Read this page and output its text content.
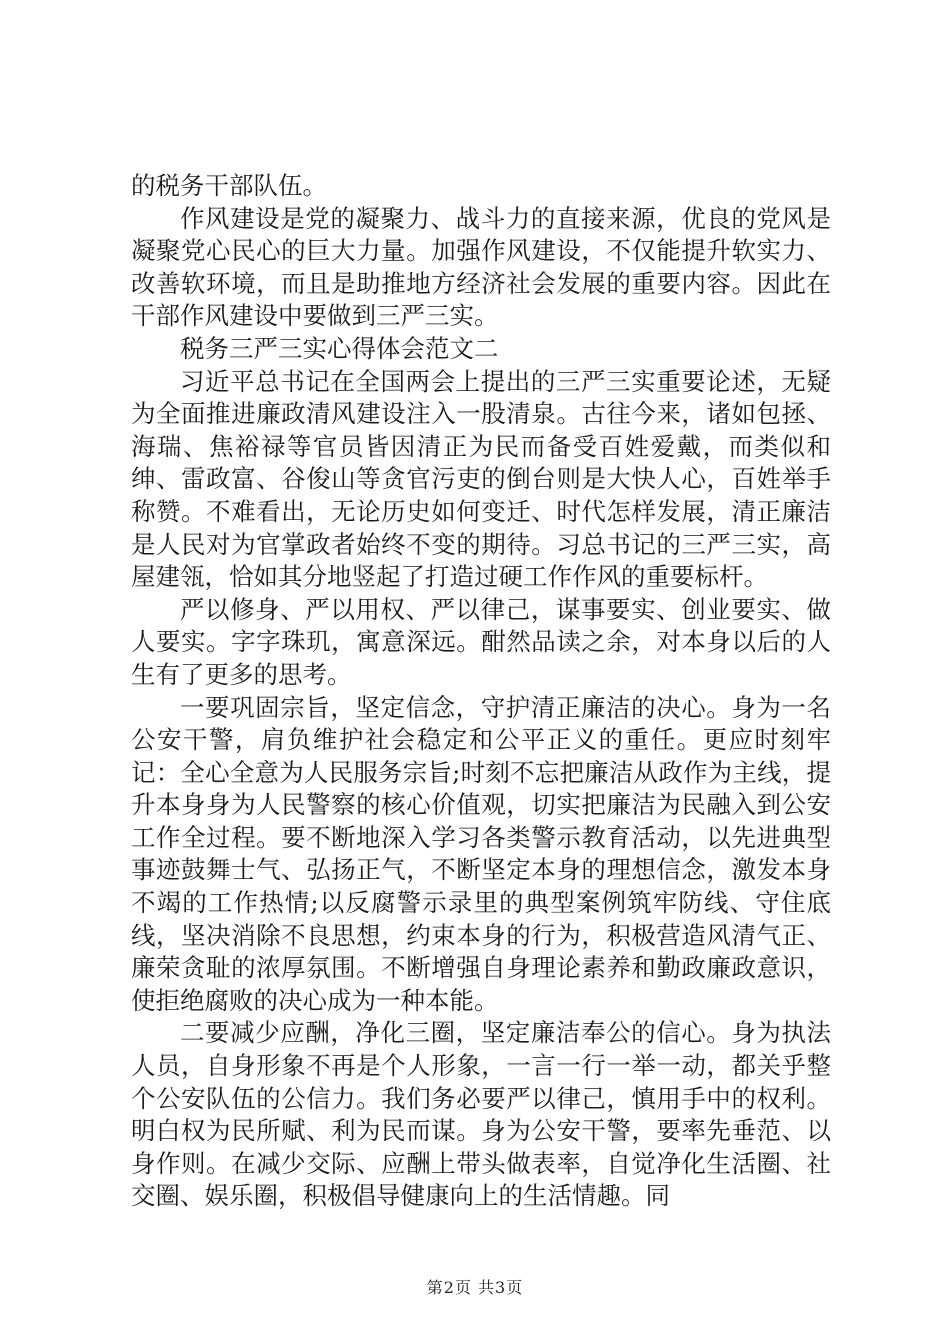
的税务干部队伍。

作风建设是党的凝聚力、战斗力的直接来源，优良的党风是凝聚党心民心的巨大力量。加强作风建设，不仅能提升软实力、改善软环境，而且是助推地方经济社会发展的重要内容。因此在干部作风建设中要做到三严三实。

税务三严三实心得体会范文二

习近平总书记在全国两会上提出的三严三实重要论述，无疑为全面推进廉政清风建设注入一股清泉。古往今来，诸如包拯、海瑞、焦裕禄等官员皆因清正为民而备受百姓爱戴，而类似和绅、雷政富、谷俊山等贪官污吏的倒台则是大快人心，百姓举手称赞。不难看出，无论历史如何变迁、时代怎样发展，清正廉洁是人民对为官掌政者始终不变的期待。习总书记的三严三实，高屋建瓴，恰如其分地竖起了打造过硬工作作风的重要标杆。

严以修身、严以用权、严以律己，谋事要实、创业要实、做人要实。字字珠玑，寓意深远。酣然品读之余，对本身以后的人生有了更多的思考。

一要巩固宗旨，坚定信念，守护清正廉洁的决心。身为一名公安干警，肩负维护社会稳定和公平正义的重任。更应时刻牢记：全心全意为人民服务宗旨;时刻不忘把廉洁从政作为主线，提升本身身为人民警察的核心价值观，切实把廉洁为民融入到公安工作全过程。要不断地深入学习各类警示教育活动，以先进典型事迹鼓舞士气、弘扬正气，不断坚定本身的理想信念，激发本身不竭的工作热情;以反腐警示录里的典型案例筑牢防线、守住底线，坚决消除不良思想，约束本身的行为，积极营造风清气正、廉荣贪耻的浓厚氛围。不断增强自身理论素养和勤政廉政意识，使拒绝腐败的决心成为一种本能。

二要减少应酬，净化三圈，坚定廉洁奉公的信心。身为执法人员，自身形象不再是个人形象，一言一行一举一动，都关乎整个公安队伍的公信力。我们务必要严以律己，慎用手中的权利。明白权为民所赋、利为民而谋。身为公安干警，要率先垂范、以身作则。在减少交际、应酬上带头做表率，自觉净化生活圈、社交圈、娱乐圈，积极倡导健康向上的生活情趣。同

第2页 共3页
